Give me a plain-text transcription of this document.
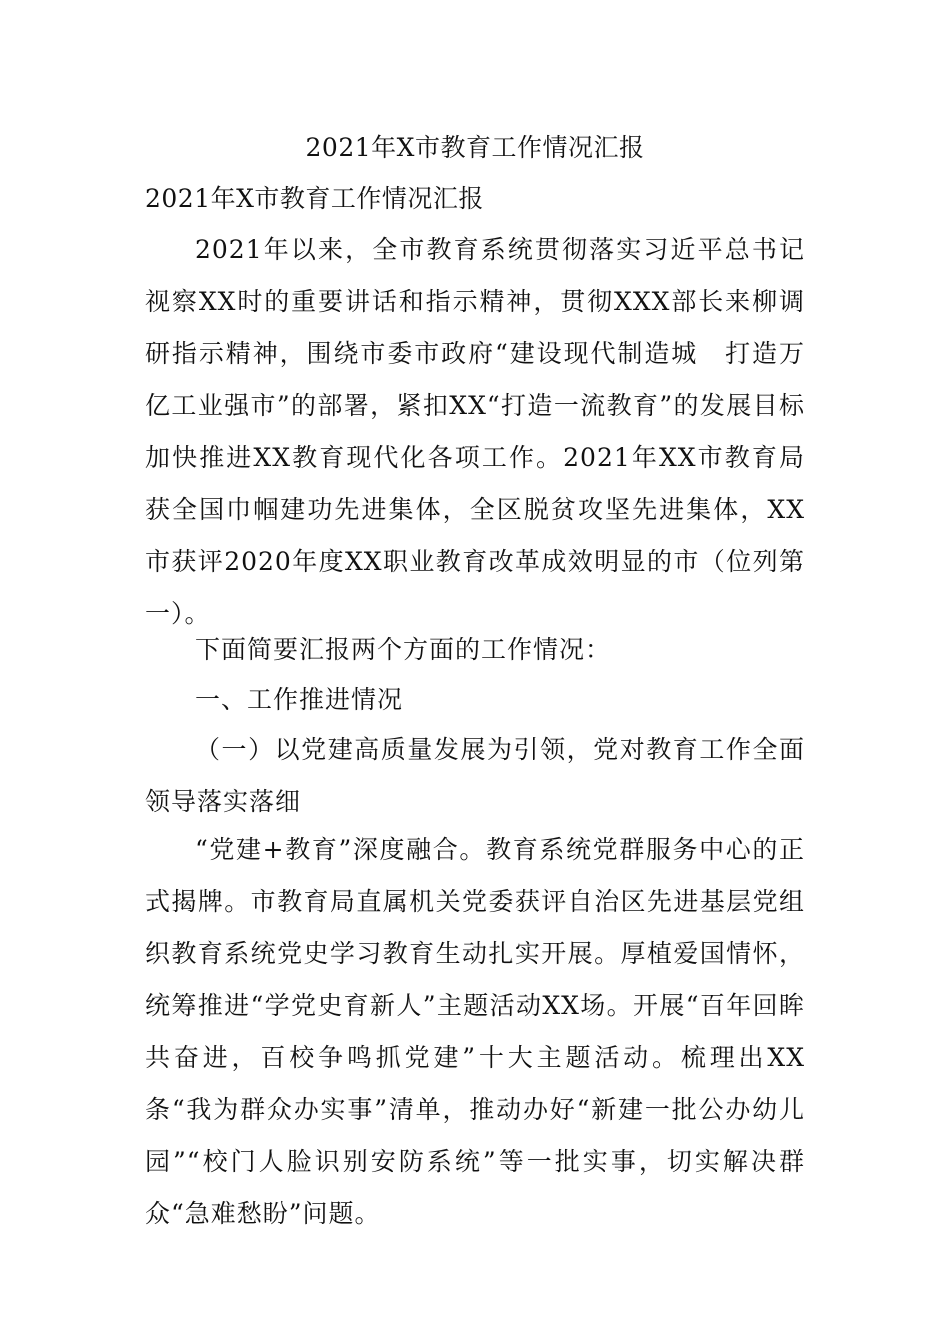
2021年X市教育工作情况汇报
2021年X市教育工作情况汇报

2021年以来，全市教育系统贯彻落实习近平总书记视察XX时的重要讲话和指示精神，贯彻XXX部长来柳调研指示精神，围绕市委市政府“建设现代制造城　打造万亿工业强市”的部署，紧扣XX“打造一流教育”的发展目标加快推进XX教育现代化各项工作。2021年XX市教育局获全国巾帼建功先进集体，全区脱贫攻坚先进集体，XX市获评2020年度XX职业教育改革成效明显的市（位列第一）。

下面简要汇报两个方面的工作情况：

一、工作推进情况

（一）以党建高质量发展为引领，党对教育工作全面领导落实落细

“党建+教育”深度融合。教育系统党群服务中心的正式揭牌。市教育局直属机关党委获评自治区先进基层党组织教育系统党史学习教育生动扎实开展。厚植爱国情怀，统筹推进“学党史育新人”主题活动XX场。开展“百年回眸共奋进，百校争鸣抓党建”十大主题活动。梳理出XX条“我为群众办实事”清单，推动办好“新建一批公办幼儿园”“校门人脸识别安防系统”等一批实事，切实解决群众“急难愁盼”问题。
